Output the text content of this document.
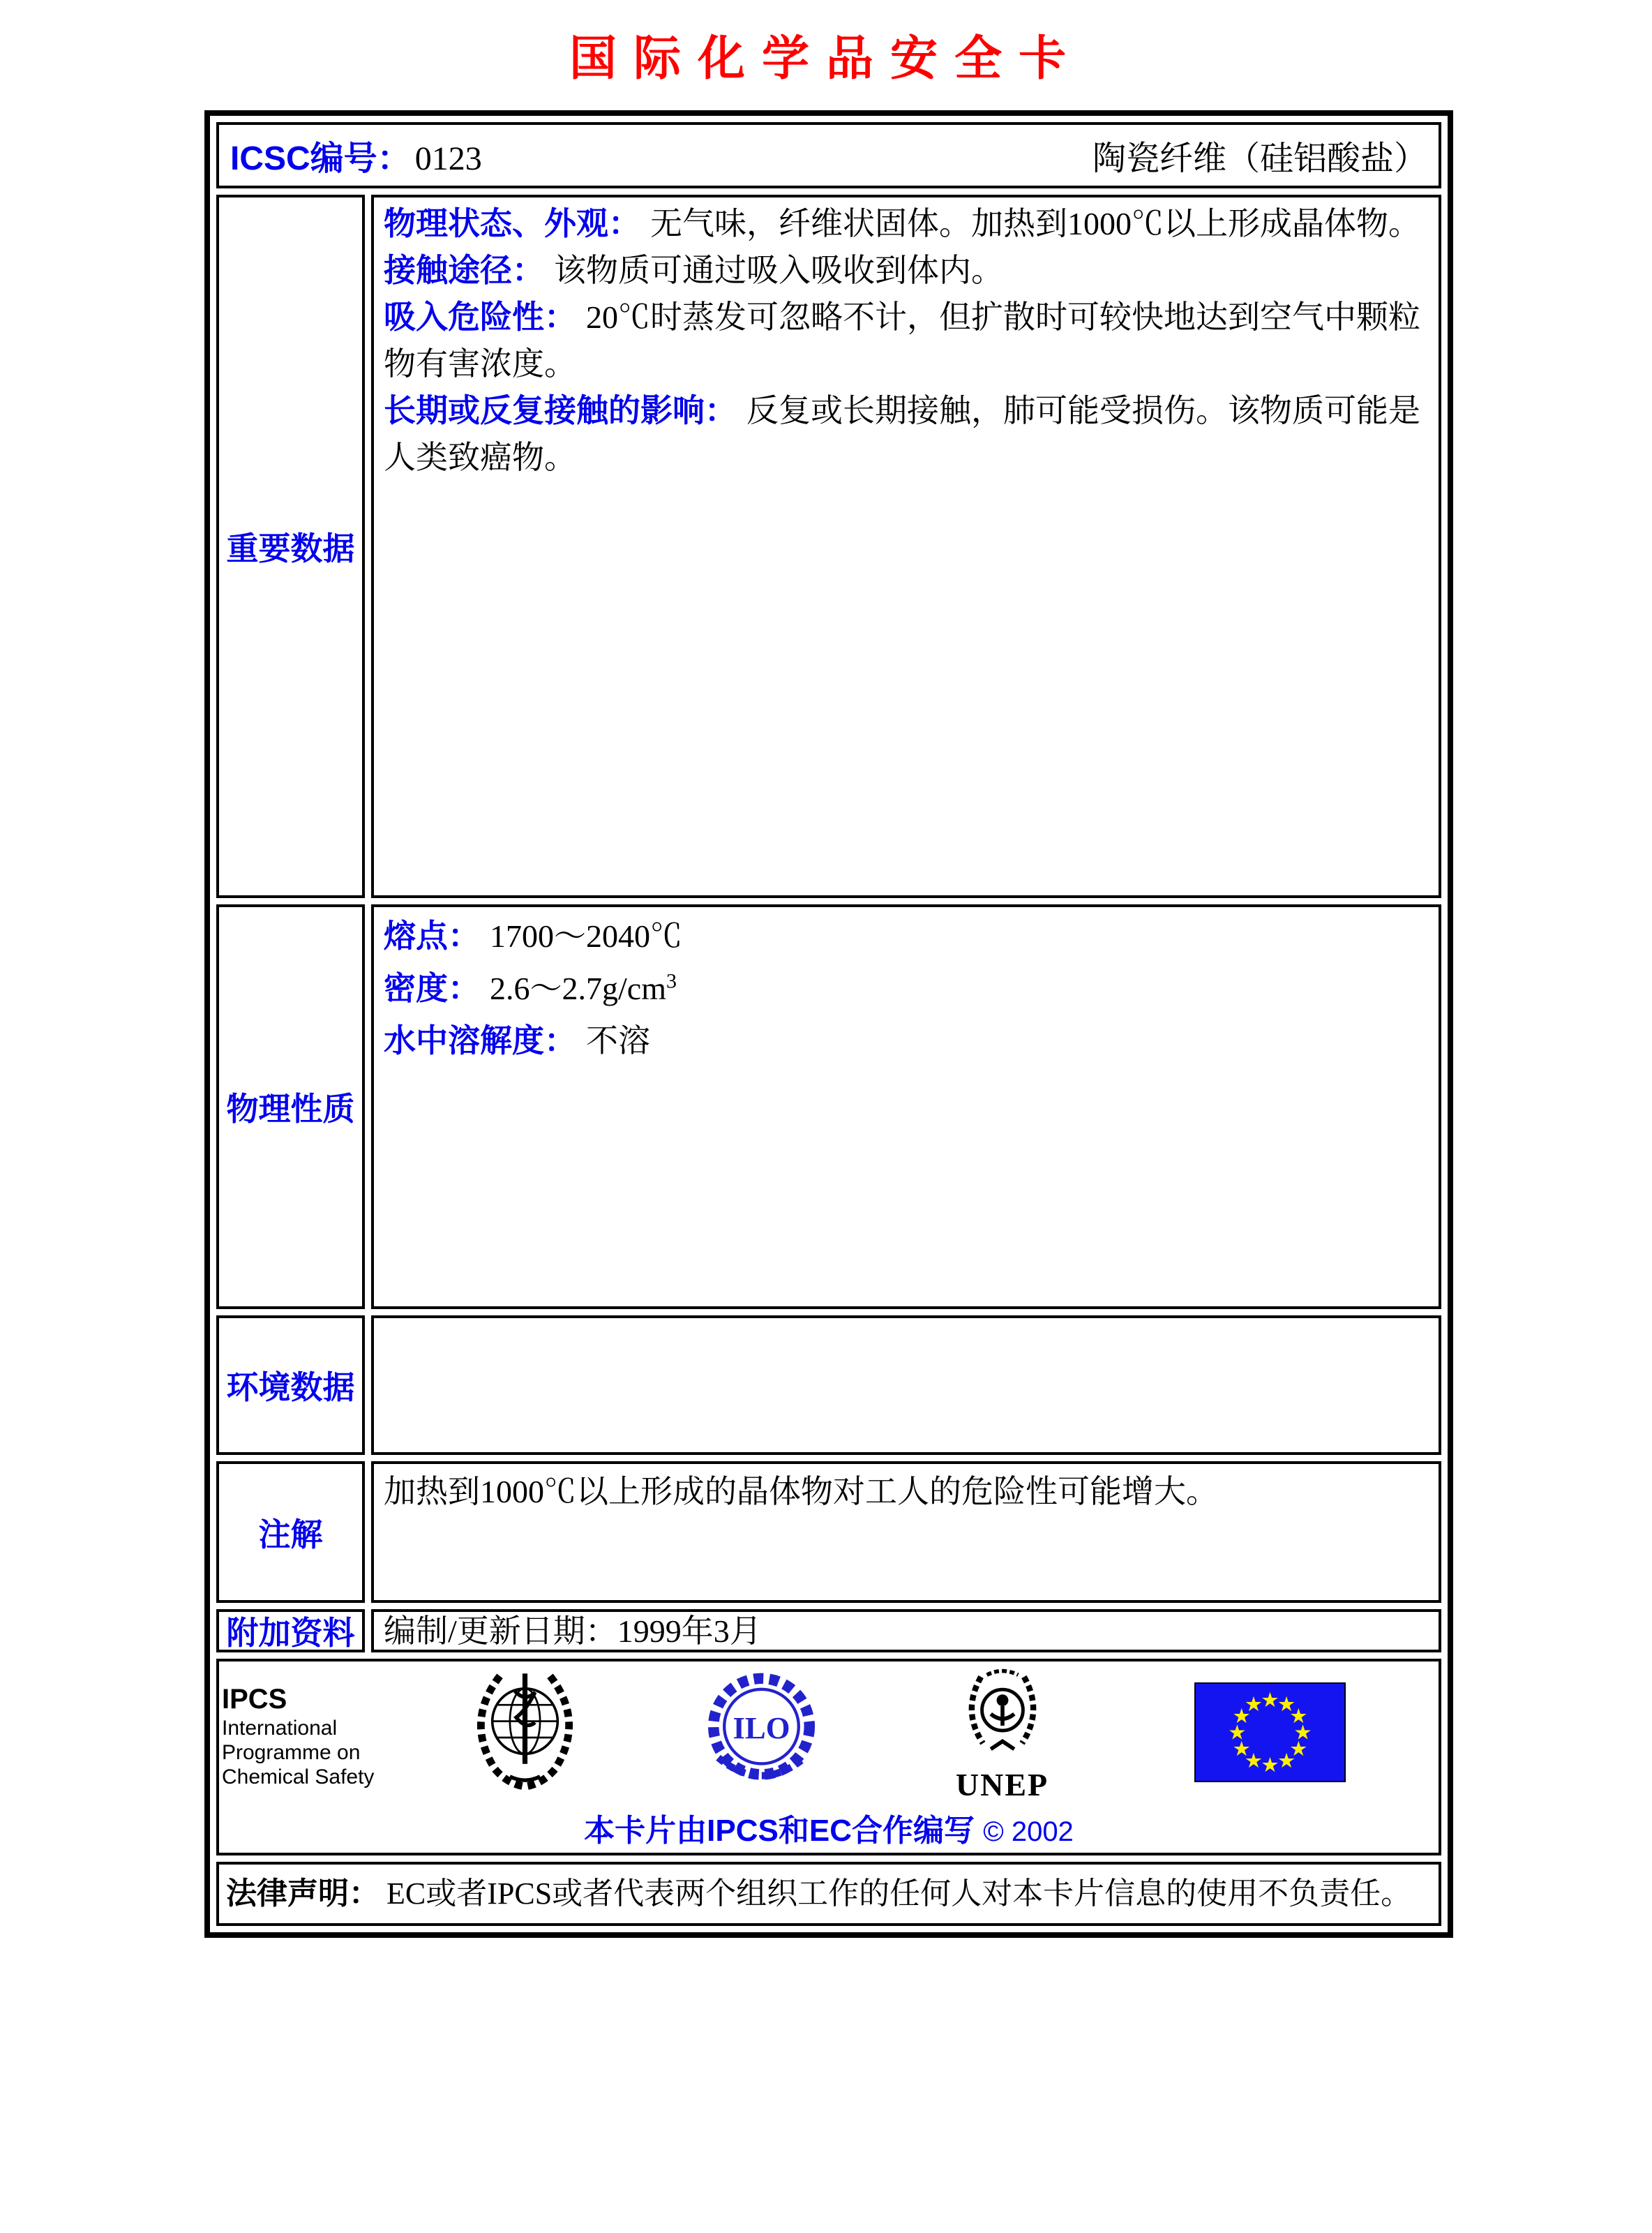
国际化学品安全卡
ICSC编号： 0123	陶瓷纤维（硅铝酸盐）
重要数据

物理状态、外观： 无气味，纤维状固体。加热到1000℃以上形成晶体物。

接触途径： 该物质可通过吸入吸收到体内。

吸入危险性： 20℃时蒸发可忽略不计，但扩散时可较快地达到空气中颗粒物有害浓度。

长期或反复接触的影响： 反复或长期接触，肺可能受损伤。该物质可能是人类致癌物。

物理性质

熔点： 1700～2040℃

密度： $2.6\sim 2.7g/cm^3$

水中溶解度： 不溶

环境数据
注解
加热到1000℃以上形成的晶体物对工人的危险性可能增大。
附加资料 编制/更新日期：1999年3月
IPCS
International
Programme on
Chemical Safety
ILO
UNEP
★
★
★
★
★
★
★
★
★
★
★
★
本卡片由IPCS和EC合作编写 © 2002
法律声明： EC或者IPCS或者代表两个组织工作的任何人对本卡片信息的使用不负责任。
